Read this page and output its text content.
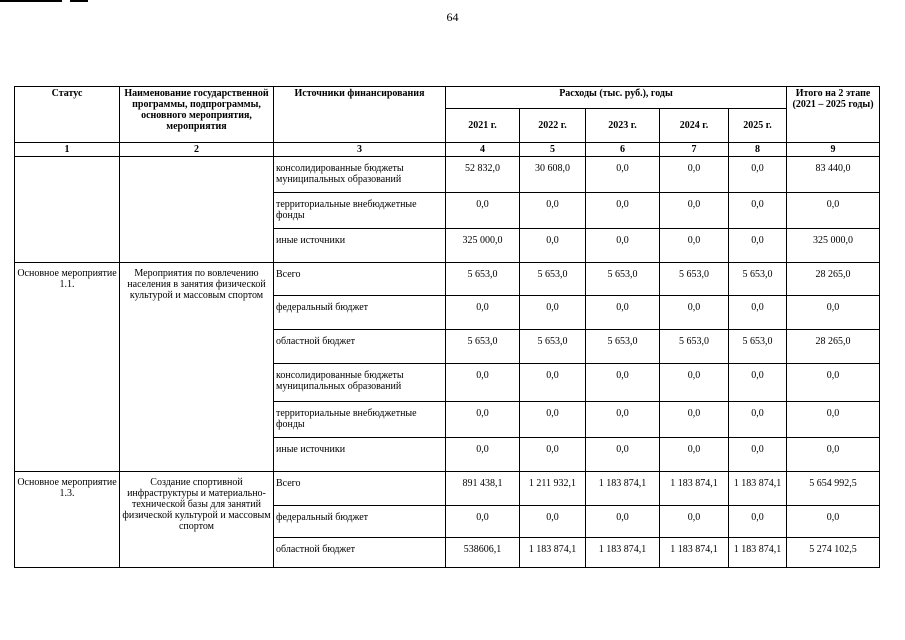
64
Статус	Наименование государственной программы, подпрограммы, основного мероприятия, мероприятия	Источники финансирования	Расходы (тыс. руб.), годы					Итого на 2 этапе (2021 – 2025 годы)
			2021 г.	2022 г.	2023 г.	2024 г.	2025 г.	
1	2	3	4	5	6	7	8	9
		консолидированные бюджеты муниципальных образований	52 832,0	30 608,0	0,0	0,0	0,0	83 440,0
		территориальные внебюджетные фонды	0,0	0,0	0,0	0,0	0,0	0,0
		иные источники	325 000,0	0,0	0,0	0,0	0,0	325 000,0
Основное мероприятие 1.1.	Мероприятия по вовлечению населения в занятия физической культурой и массовым спортом	Всего	5 653,0	5 653,0	5 653,0	5 653,0	5 653,0	28 265,0
		федеральный бюджет	0,0	0,0	0,0	0,0	0,0	0,0
		областной бюджет	5 653,0	5 653,0	5 653,0	5 653,0	5 653,0	28 265,0
		консолидированные бюджеты муниципальных образований	0,0	0,0	0,0	0,0	0,0	0,0
		территориальные внебюджетные фонды	0,0	0,0	0,0	0,0	0,0	0,0
		иные источники	0,0	0,0	0,0	0,0	0,0	0,0
Основное мероприятие 1.3.	Создание спортивной инфраструктуры и материально-технической базы для занятий физической культурой и массовым спортом	Всего	891 438,1	1 211 932,1	1 183 874,1	1 183 874,1	1 183 874,1	5 654 992,5
		федеральный бюджет	0,0	0,0	0,0	0,0	0,0	0,0
		областной бюджет	538606,1	1 183 874,1	1 183 874,1	1 183 874,1	1 183 874,1	5 274 102,5
